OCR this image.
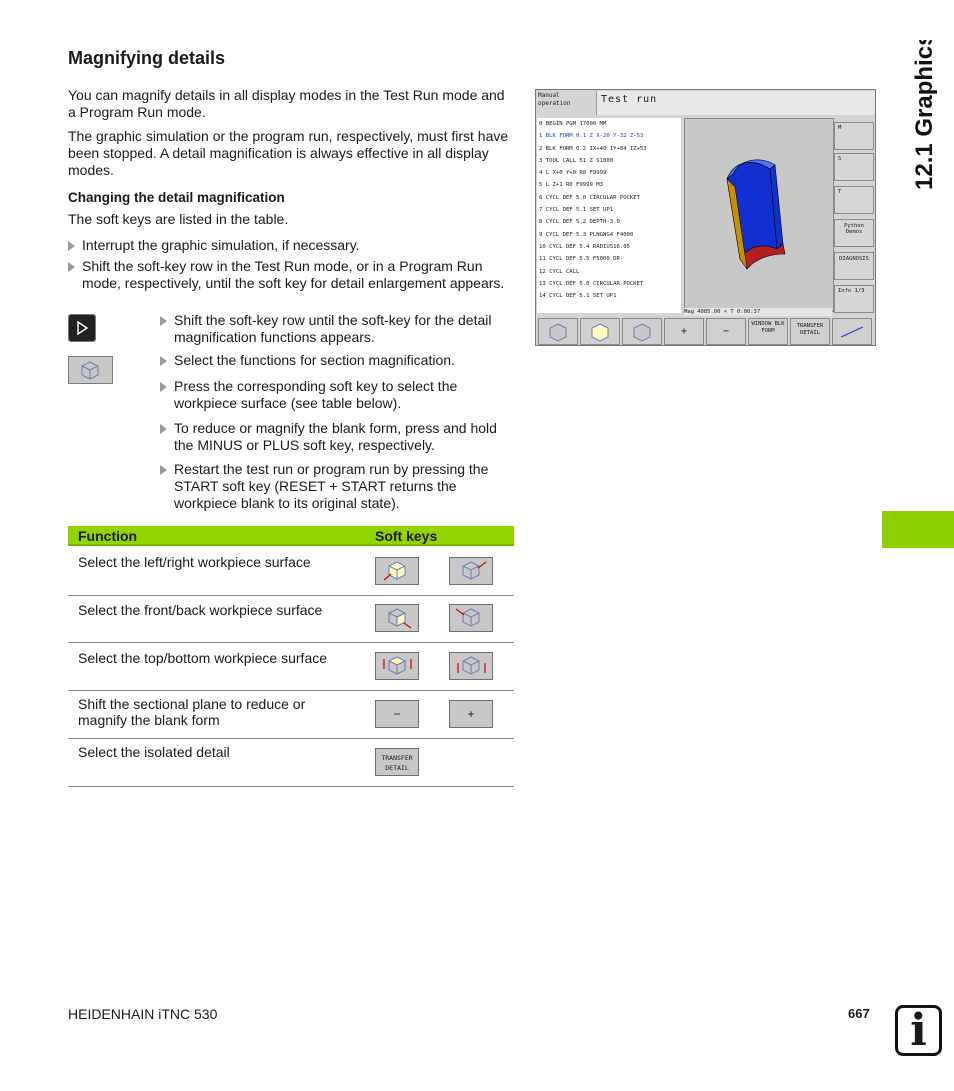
Magnifying details

You can magnify details in all display modes in the Test Run mode and a Program Run mode.

The graphic simulation or the program run, respectively, must first have been stopped. A detail magnification is always effective in all display modes.

Changing the detail magnification

The soft keys are listed in the table.

Interrupt the graphic simulation, if necessary.
Shift the soft-key row in the Test Run mode, or in a Program Run mode, respectively, until the soft key for detail enlargement appears.
Shift the soft-key row until the soft-key for the detail magnification functions appears.
Select the functions for section magnification.
Press the corresponding soft key to select the workpiece surface (see table below).
To reduce or magnify the blank form, press and hold the MINUS or PLUS soft key, respectively.
Restart the test run or program run by pressing the START soft key (RESET + START returns the workpiece blank to its original state).
Function	Soft keys
Select the left/right workpiece surface
Select the front/back workpiece surface
Select the top/bottom workpiece surface
Shift the sectional plane to reduce or magnify the blank form	−	+
Select the isolated detail	TRANSFER DETAIL
Manual operation	Test run
0 BEGIN PGM 17000 MM
1 BLK FORM 0.1 Z X-20 Y-32 Z-53
2 BLK FORM 0.2 IX+40 IY+84 IZ+53
3 TOOL CALL 51 Z S1000
4 L X+0 Y+0 R0 F9999
5 L Z+1 R0 F9999 M3
6 CYCL DEF 5.0 CIRCULAR POCKET
7 CYCL DEF 5.1 SET UP1
8 CYCL DEF 5.2 DEPTH-3.0
9 CYCL DEF 5.3 PLNGNG4 F4000
10 CYCL DEF 5.4 RADIUS16.05
11 CYCL DEF 5.5 F5000 DR-
12 CYCL CALL
13 CYCL DEF 5.0 CIRCULAR POCKET
14 CYCL DEF 5.1 SET UP1
Mag 4085.00 × T 0:00:37
M
S
T
Python Demos
DIAGNOSIS
Info 1/3
+	−
WINDOW BLK FORM
TRANSFER DETAIL
12.1 Graphics
HEIDENHAIN iTNC 530	667 i
